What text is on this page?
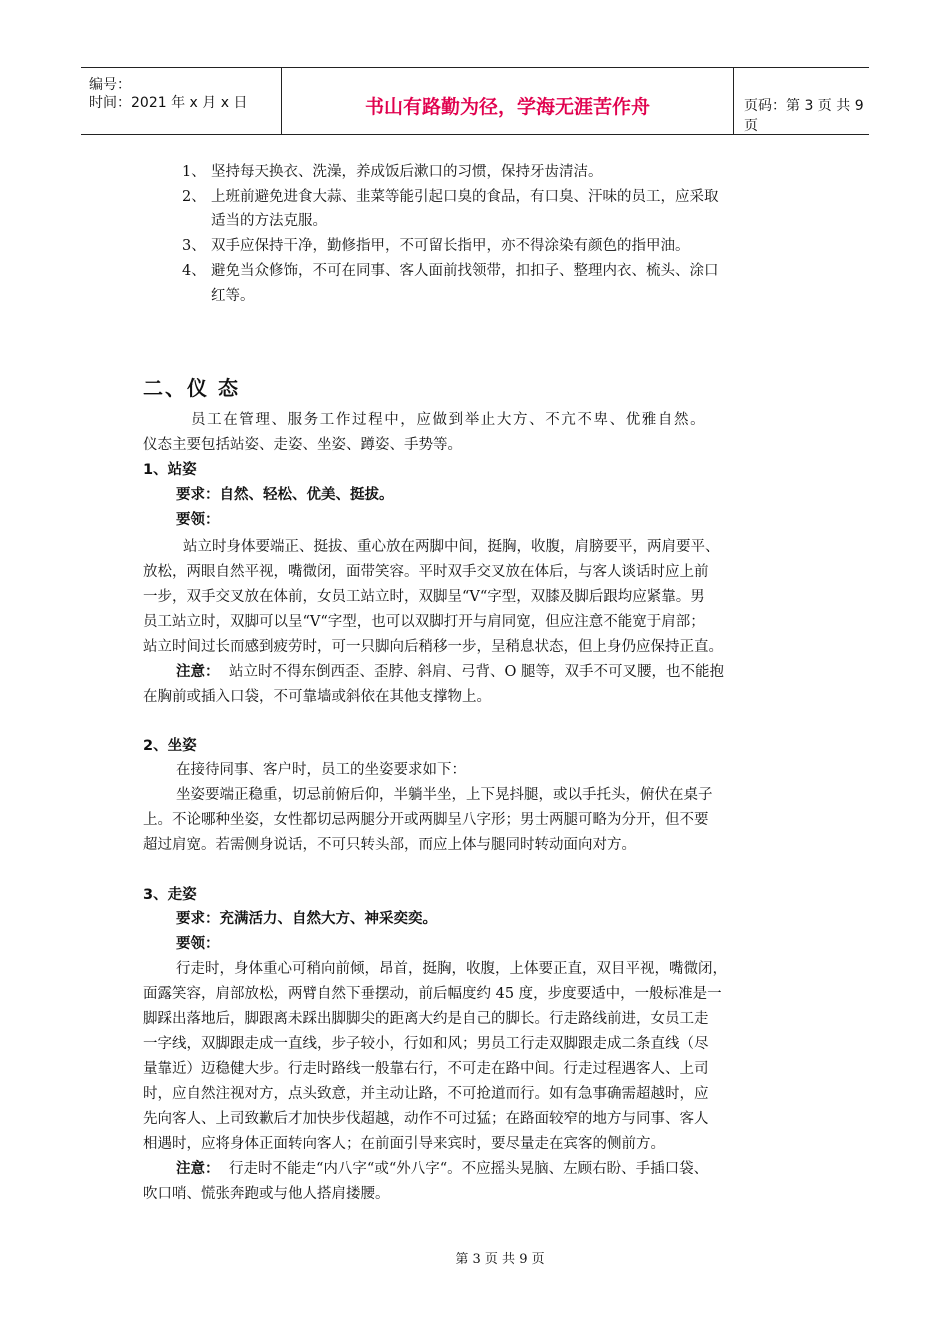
编号：
时间：2021 年 x 月 x 日	书山有路勤为径，学海无涯苦作舟	页码：第 3 页 共 9 页
1、 坚持每天换衣、洗澡，养成饭后漱口的习惯，保持牙齿清洁。
2、 上班前避免进食大蒜、韭菜等能引起口臭的食品，有口臭、汗味的员工，应采取
适当的方法克服。
3、 双手应保持干净，勤修指甲，不可留长指甲，亦不得涂染有颜色的指甲油。
4、 避免当众修饰，不可在同事、客人面前找领带，扣扣子、整理内衣、梳头、涂口
红等。
二、仪 态
员工在管理、服务工作过程中，应做到举止大方、不亢不卑、优雅自然。
仪态主要包括站姿、走姿、坐姿、蹲姿、手势等。
1、站姿
要求：自然、轻松、优美、挺拔。
要领：
站立时身体要端正、挺拔、重心放在两脚中间，挺胸，收腹，肩膀要平，两肩要平、
放松，两眼自然平视，嘴微闭，面带笑容。平时双手交叉放在体后，与客人谈话时应上前
一步，双手交叉放在体前，女员工站立时，双脚呈“V“字型，双膝及脚后跟均应紧靠。男
员工站立时，双脚可以呈“V“字型，也可以双脚打开与肩同宽，但应注意不能宽于肩部；
站立时间过长而感到疲劳时，可一只脚向后稍移一步，呈稍息状态，但上身仍应保持正直。
注意： 站立时不得东倒西歪、歪脖、斜肩、弓背、O 腿等，双手不可叉腰，也不能抱
在胸前或插入口袋，不可靠墙或斜依在其他支撑物上。
2、坐姿
在接待同事、客户时，员工的坐姿要求如下：
坐姿要端正稳重，切忌前俯后仰，半躺半坐，上下晃抖腿，或以手托头，俯伏在桌子
上。不论哪种坐姿，女性都切忌两腿分开或两脚呈八字形；男士两腿可略为分开，但不要
超过肩宽。若需侧身说话，不可只转头部，而应上体与腿同时转动面向对方。
3、走姿
要求：充满活力、自然大方、神采奕奕。
要领：
行走时，身体重心可稍向前倾，昂首，挺胸，收腹，上体要正直，双目平视，嘴微闭，
面露笑容，肩部放松，两臂自然下垂摆动，前后幅度约 45 度，步度要适中，一般标准是一
脚踩出落地后，脚跟离未踩出脚脚尖的距离大约是自己的脚长。行走路线前进，女员工走
一字线，双脚跟走成一直线，步子较小，行如和风；男员工行走双脚跟走成二条直线（尽
量靠近）迈稳健大步。行走时路线一般靠右行，不可走在路中间。行走过程遇客人、上司
时，应自然注视对方，点头致意，并主动让路，不可抢道而行。如有急事确需超越时，应
先向客人、上司致歉后才加快步伐超越，动作不可过猛；在路面较窄的地方与同事、客人
相遇时，应将身体正面转向客人；在前面引导来宾时，要尽量走在宾客的侧前方。
注意： 行走时不能走“内八字“或“外八字“。不应摇头晃脑、左顾右盼、手插口袋、
吹口哨、慌张奔跑或与他人搭肩搂腰。
第 3 页 共 9 页
